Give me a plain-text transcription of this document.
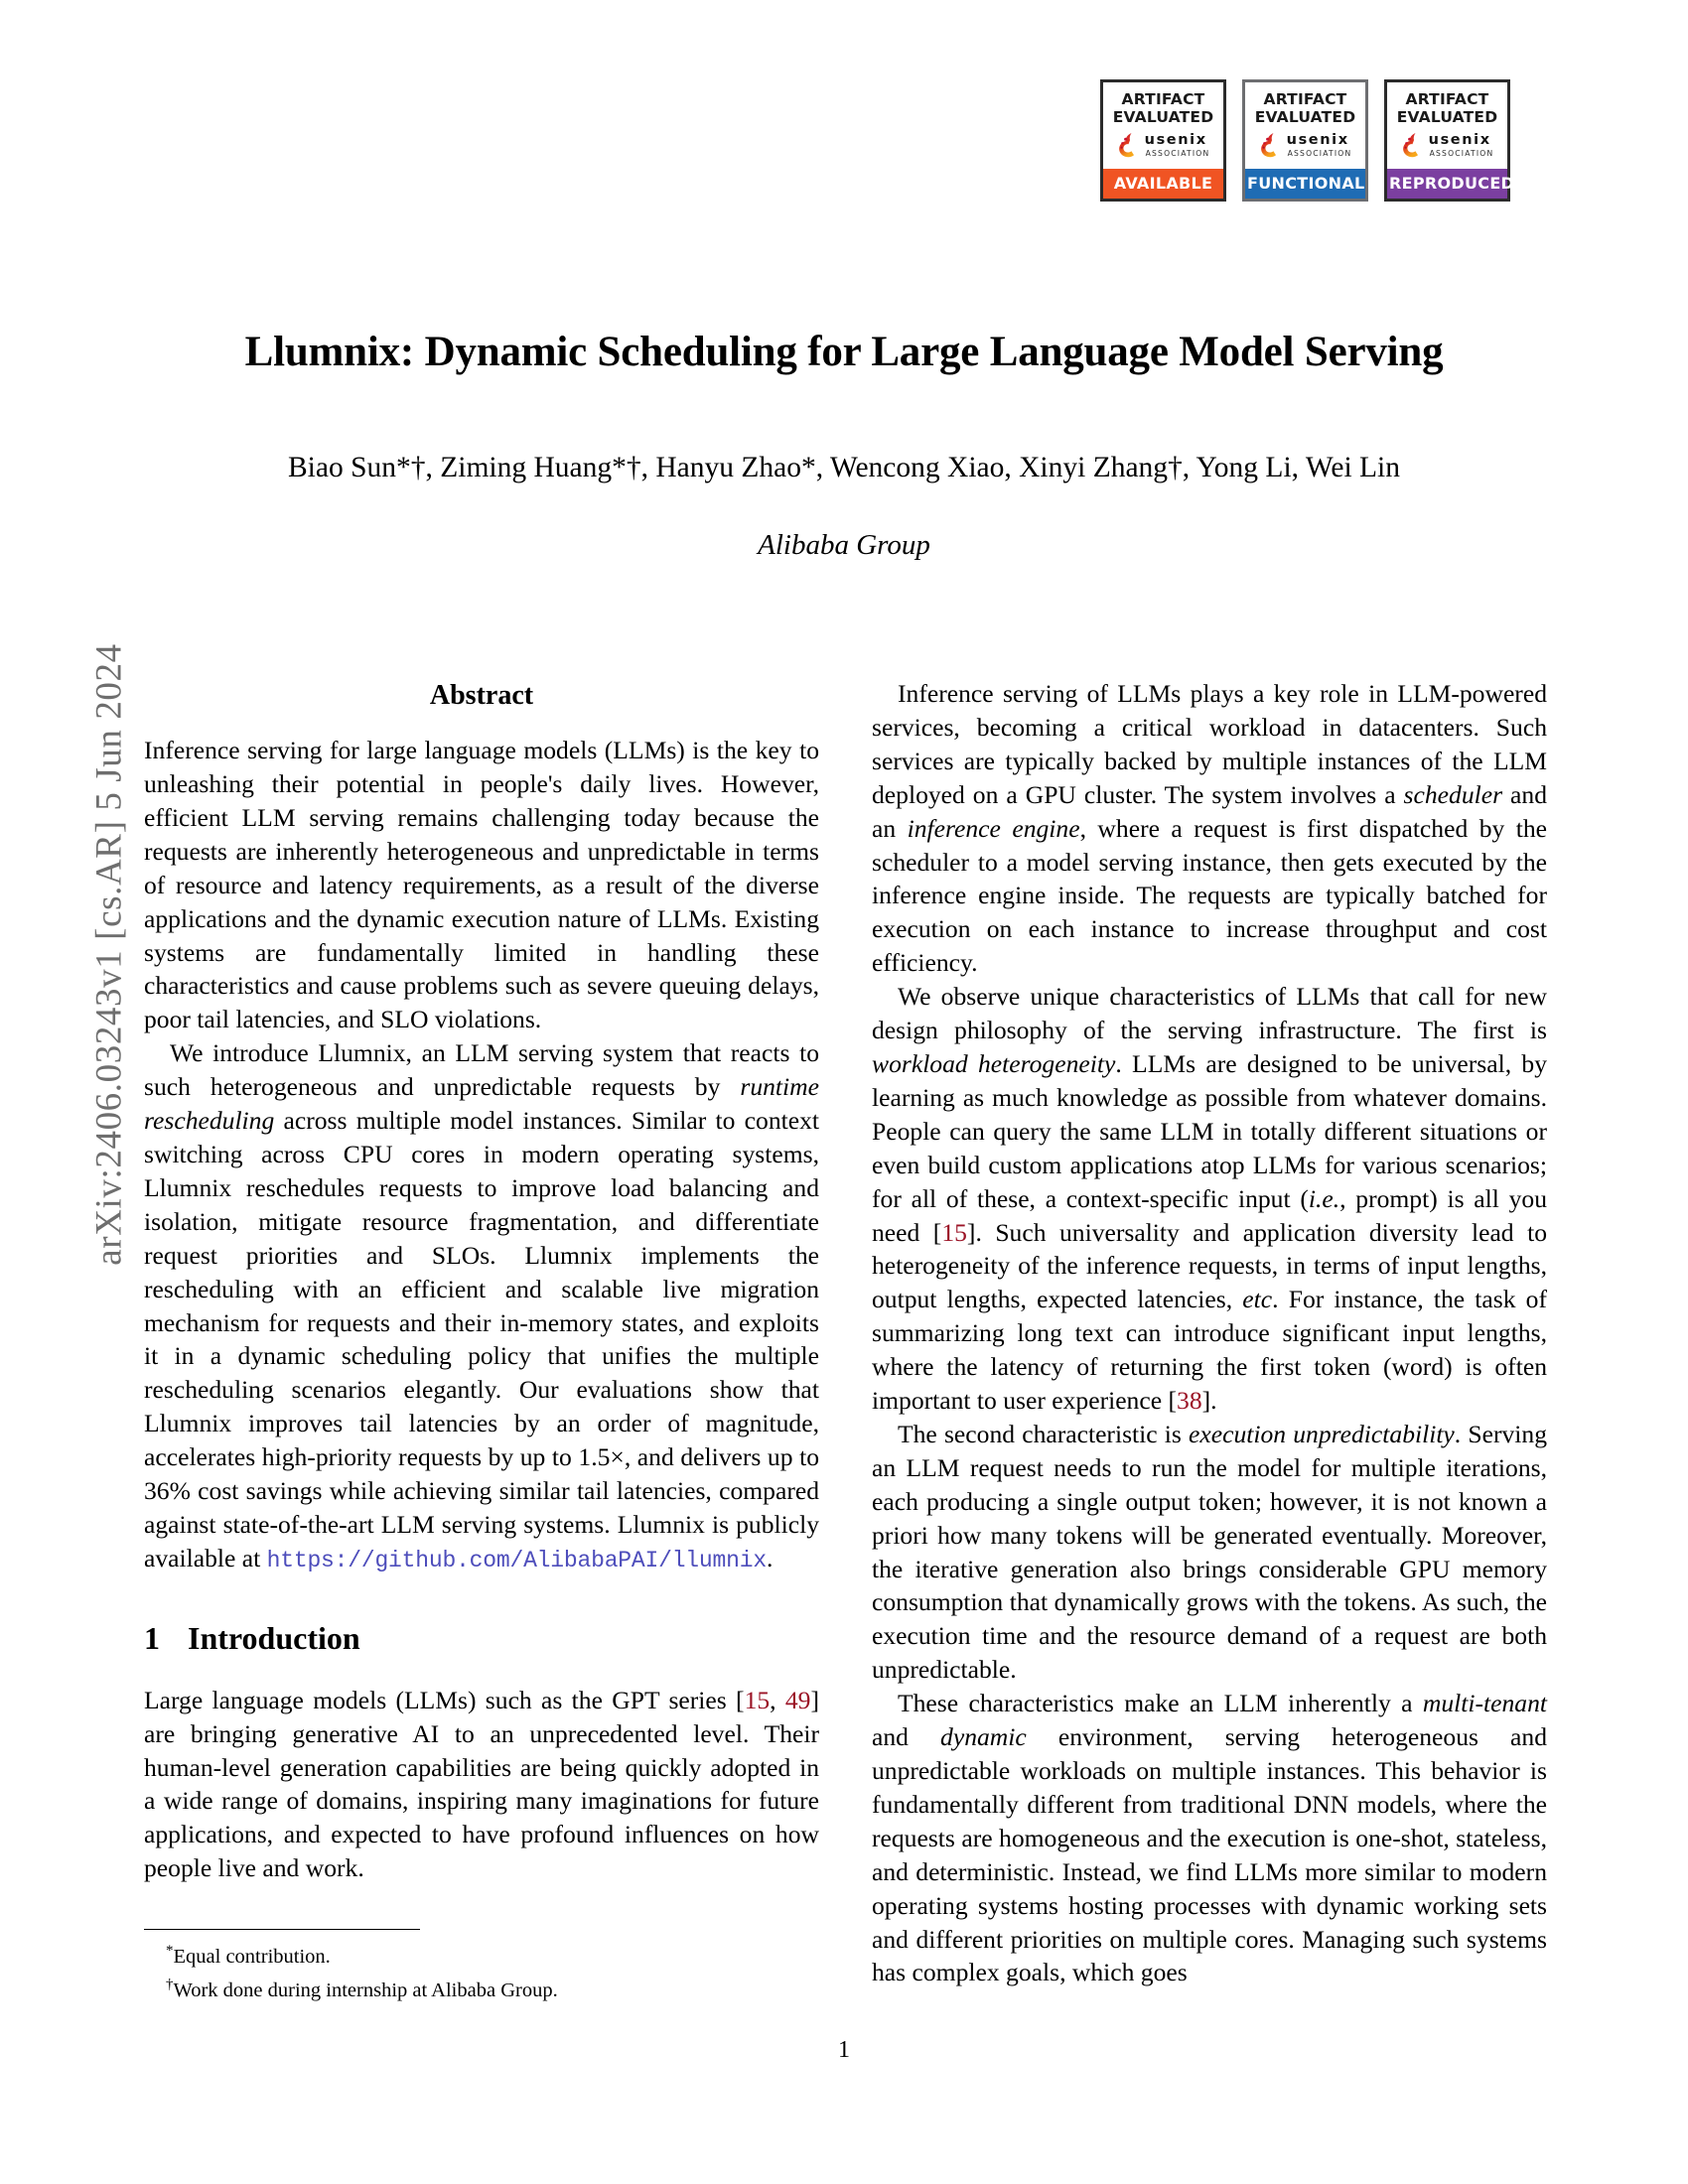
arXiv:2406.03243v1 [cs.AR] 5 Jun 2024
ARTIFACT
EVALUATED
usenix
ASSOCIATION
AVAILABLE
ARTIFACT
EVALUATED
usenix
ASSOCIATION
FUNCTIONAL
ARTIFACT
EVALUATED
usenix
ASSOCIATION
REPRODUCED
Llumnix: Dynamic Scheduling for Large Language Model Serving
Biao Sun*†, Ziming Huang*†, Hanyu Zhao*, Wencong Xiao, Xinyi Zhang†, Yong Li, Wei Lin
Alibaba Group
Abstract

Inference serving for large language models (LLMs) is the key to unleashing their potential in people's daily lives. However, efficient LLM serving remains challenging today because the requests are inherently heterogeneous and unpredictable in terms of resource and latency requirements, as a result of the diverse applications and the dynamic execution nature of LLMs. Existing systems are fundamentally limited in handling these characteristics and cause problems such as severe queuing delays, poor tail latencies, and SLO violations.

We introduce Llumnix, an LLM serving system that reacts to such heterogeneous and unpredictable requests by runtime rescheduling across multiple model instances. Similar to context switching across CPU cores in modern operating systems, Llumnix reschedules requests to improve load balancing and isolation, mitigate resource fragmentation, and differentiate request priorities and SLOs. Llumnix implements the rescheduling with an efficient and scalable live migration mechanism for requests and their in-memory states, and exploits it in a dynamic scheduling policy that unifies the multiple rescheduling scenarios elegantly. Our evaluations show that Llumnix improves tail latencies by an order of magnitude, accelerates high-priority requests by up to 1.5×, and delivers up to 36% cost savings while achieving similar tail latencies, compared against state-of-the-art LLM serving systems. Llumnix is publicly available at https://github.com/AlibabaPAI/llumnix.

1 Introduction

Large language models (LLMs) such as the GPT series [15, 49] are bringing generative AI to an unprecedented level. Their human-level generation capabilities are being quickly adopted in a wide range of domains, inspiring many imaginations for future applications, and expected to have profound influences on how people live and work.

Inference serving of LLMs plays a key role in LLM-powered services, becoming a critical workload in datacenters. Such services are typically backed by multiple instances of the LLM deployed on a GPU cluster. The system involves a scheduler and an inference engine, where a request is first dispatched by the scheduler to a model serving instance, then gets executed by the inference engine inside. The requests are typically batched for execution on each instance to increase throughput and cost efficiency.

We observe unique characteristics of LLMs that call for new design philosophy of the serving infrastructure. The first is workload heterogeneity. LLMs are designed to be universal, by learning as much knowledge as possible from whatever domains. People can query the same LLM in totally different situations or even build custom applications atop LLMs for various scenarios; for all of these, a context-specific input (i.e., prompt) is all you need [15]. Such universality and application diversity lead to heterogeneity of the inference requests, in terms of input lengths, output lengths, expected latencies, etc. For instance, the task of summarizing long text can introduce significant input lengths, where the latency of returning the first token (word) is often important to user experience [38].

The second characteristic is execution unpredictability. Serving an LLM request needs to run the model for multiple iterations, each producing a single output token; however, it is not known a priori how many tokens will be generated eventually. Moreover, the iterative generation also brings considerable GPU memory consumption that dynamically grows with the tokens. As such, the execution time and the resource demand of a request are both unpredictable.

These characteristics make an LLM inherently a multi-tenant and dynamic environment, serving heterogeneous and unpredictable workloads on multiple instances. This behavior is fundamentally different from traditional DNN models, where the requests are homogeneous and the execution is one-shot, stateless, and deterministic. Instead, we find LLMs more similar to modern operating systems hosting processes with dynamic working sets and different priorities on multiple cores. Managing such systems has complex goals, which goes

*Equal contribution.

†Work done during internship at Alibaba Group.

1
